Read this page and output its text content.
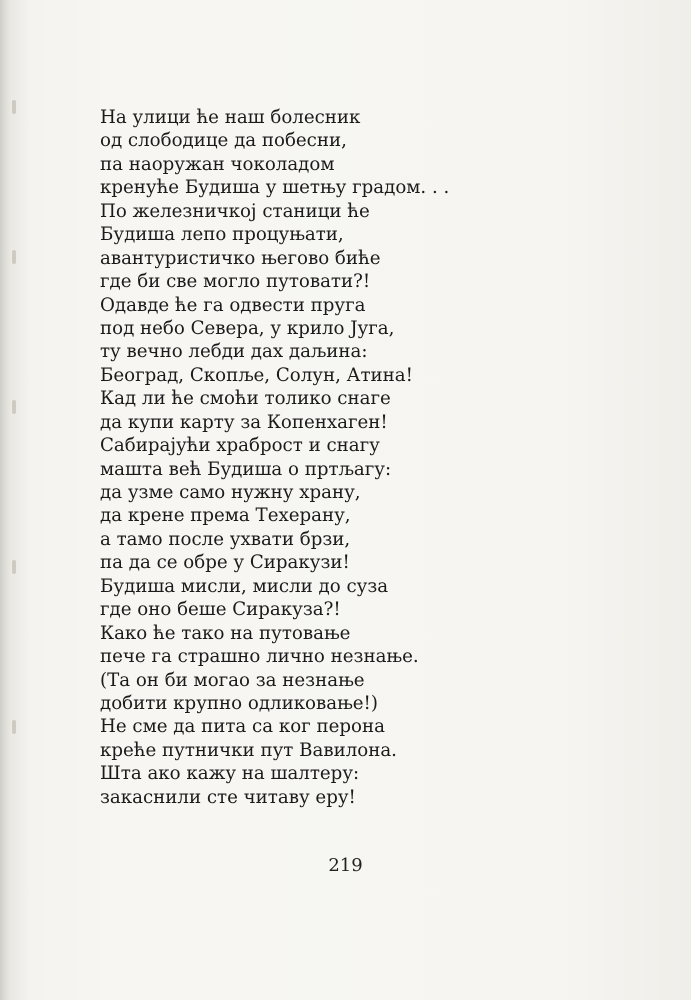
На улици ће наш болесник
од слободице да побесни,
па наоружан чоколадом
кренуће Будиша у шетњу градом. . .
По железничкој станици ће
Будиша лепо процуњати,
авантуристичко његово биће
где би све могло путовати?!
Одавде ће га одвести пруга
под небо Севера, у крило Југа,
ту вечно лебди дах даљина:
Београд, Скопље, Солун, Атина!
Кад ли ће смоћи толико снаге
да купи карту за Копенхаген!
Сабирајући храброст и снагу
машта већ Будиша о пртљагу:
да узме само нужну храну,
да крене према Техерану,
а тамо после ухвати брзи,
па да се обре у Сиракузи!
Будиша мисли, мисли до суза
где оно беше Сиракуза?!
Како ће тако на путовање
пече га страшно лично незнање.
(Та он би могао за незнање
добити крупно одликовање!)
Не сме да пита са ког перона
креће путнички пут Вавилона.
Шта ако кажу на шалтеру:
закаснили сте читаву еру!
219
